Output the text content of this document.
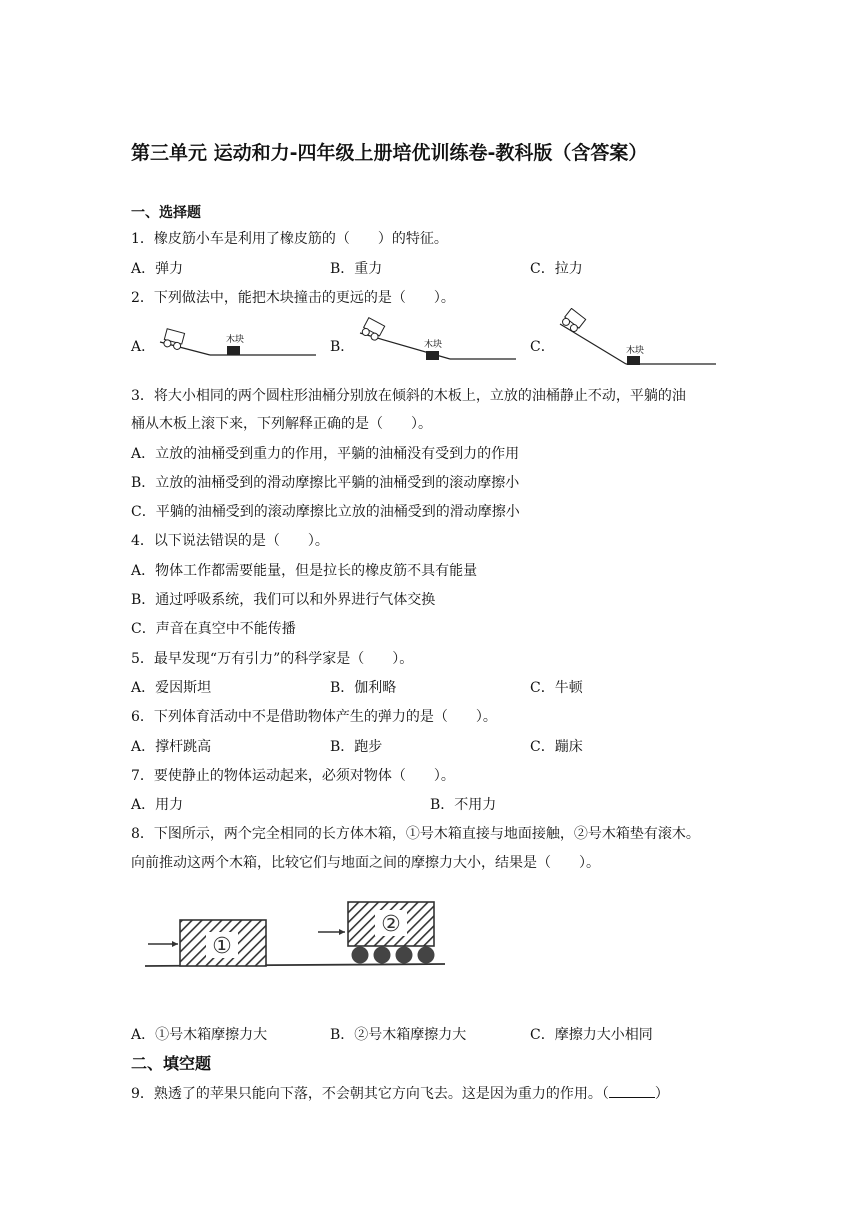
第三单元 运动和力-四年级上册培优训练卷-教科版（含答案）
一、选择题
1．橡皮筋小车是利用了橡皮筋的（　　）的特征。
A．弹力	B．重力	C．拉力
2．下列做法中，能把木块撞击的更远的是（　　）。
A．	B．	C．
木块	木块
木块
3．将大小相同的两个圆柱形油桶分别放在倾斜的木板上，立放的油桶静止不动，平躺的油
桶从木板上滚下来，下列解释正确的是（　　）。
A．立放的油桶受到重力的作用，平躺的油桶没有受到力的作用
B．立放的油桶受到的滑动摩擦比平躺的油桶受到的滚动摩擦小
C．平躺的油桶受到的滚动摩擦比立放的油桶受到的滑动摩擦小
4．以下说法错误的是（　　）。
A．物体工作都需要能量，但是拉长的橡皮筋不具有能量
B．通过呼吸系统，我们可以和外界进行气体交换
C．声音在真空中不能传播
5．最早发现“万有引力”的科学家是（　　）。
A．爱因斯坦	B．伽利略	C．牛顿
6．下列体育活动中不是借助物体产生的弹力的是（　　）。
A．撑杆跳高	B．跑步	C．蹦床
7．要使静止的物体运动起来，必须对物体（　　）。
A．用力	B．不用力
8．下图所示，两个完全相同的长方体木箱，①号木箱直接与地面接触，②号木箱垫有滚木。
向前推动这两个木箱，比较它们与地面之间的摩擦力大小，结果是（　　）。
①
②
A．①号木箱摩擦力大	B．②号木箱摩擦力大	C．摩擦力大小相同
二、填空题
9．熟透了的苹果只能向下落，不会朝其它方向飞去。这是因为重力的作用。（	）
